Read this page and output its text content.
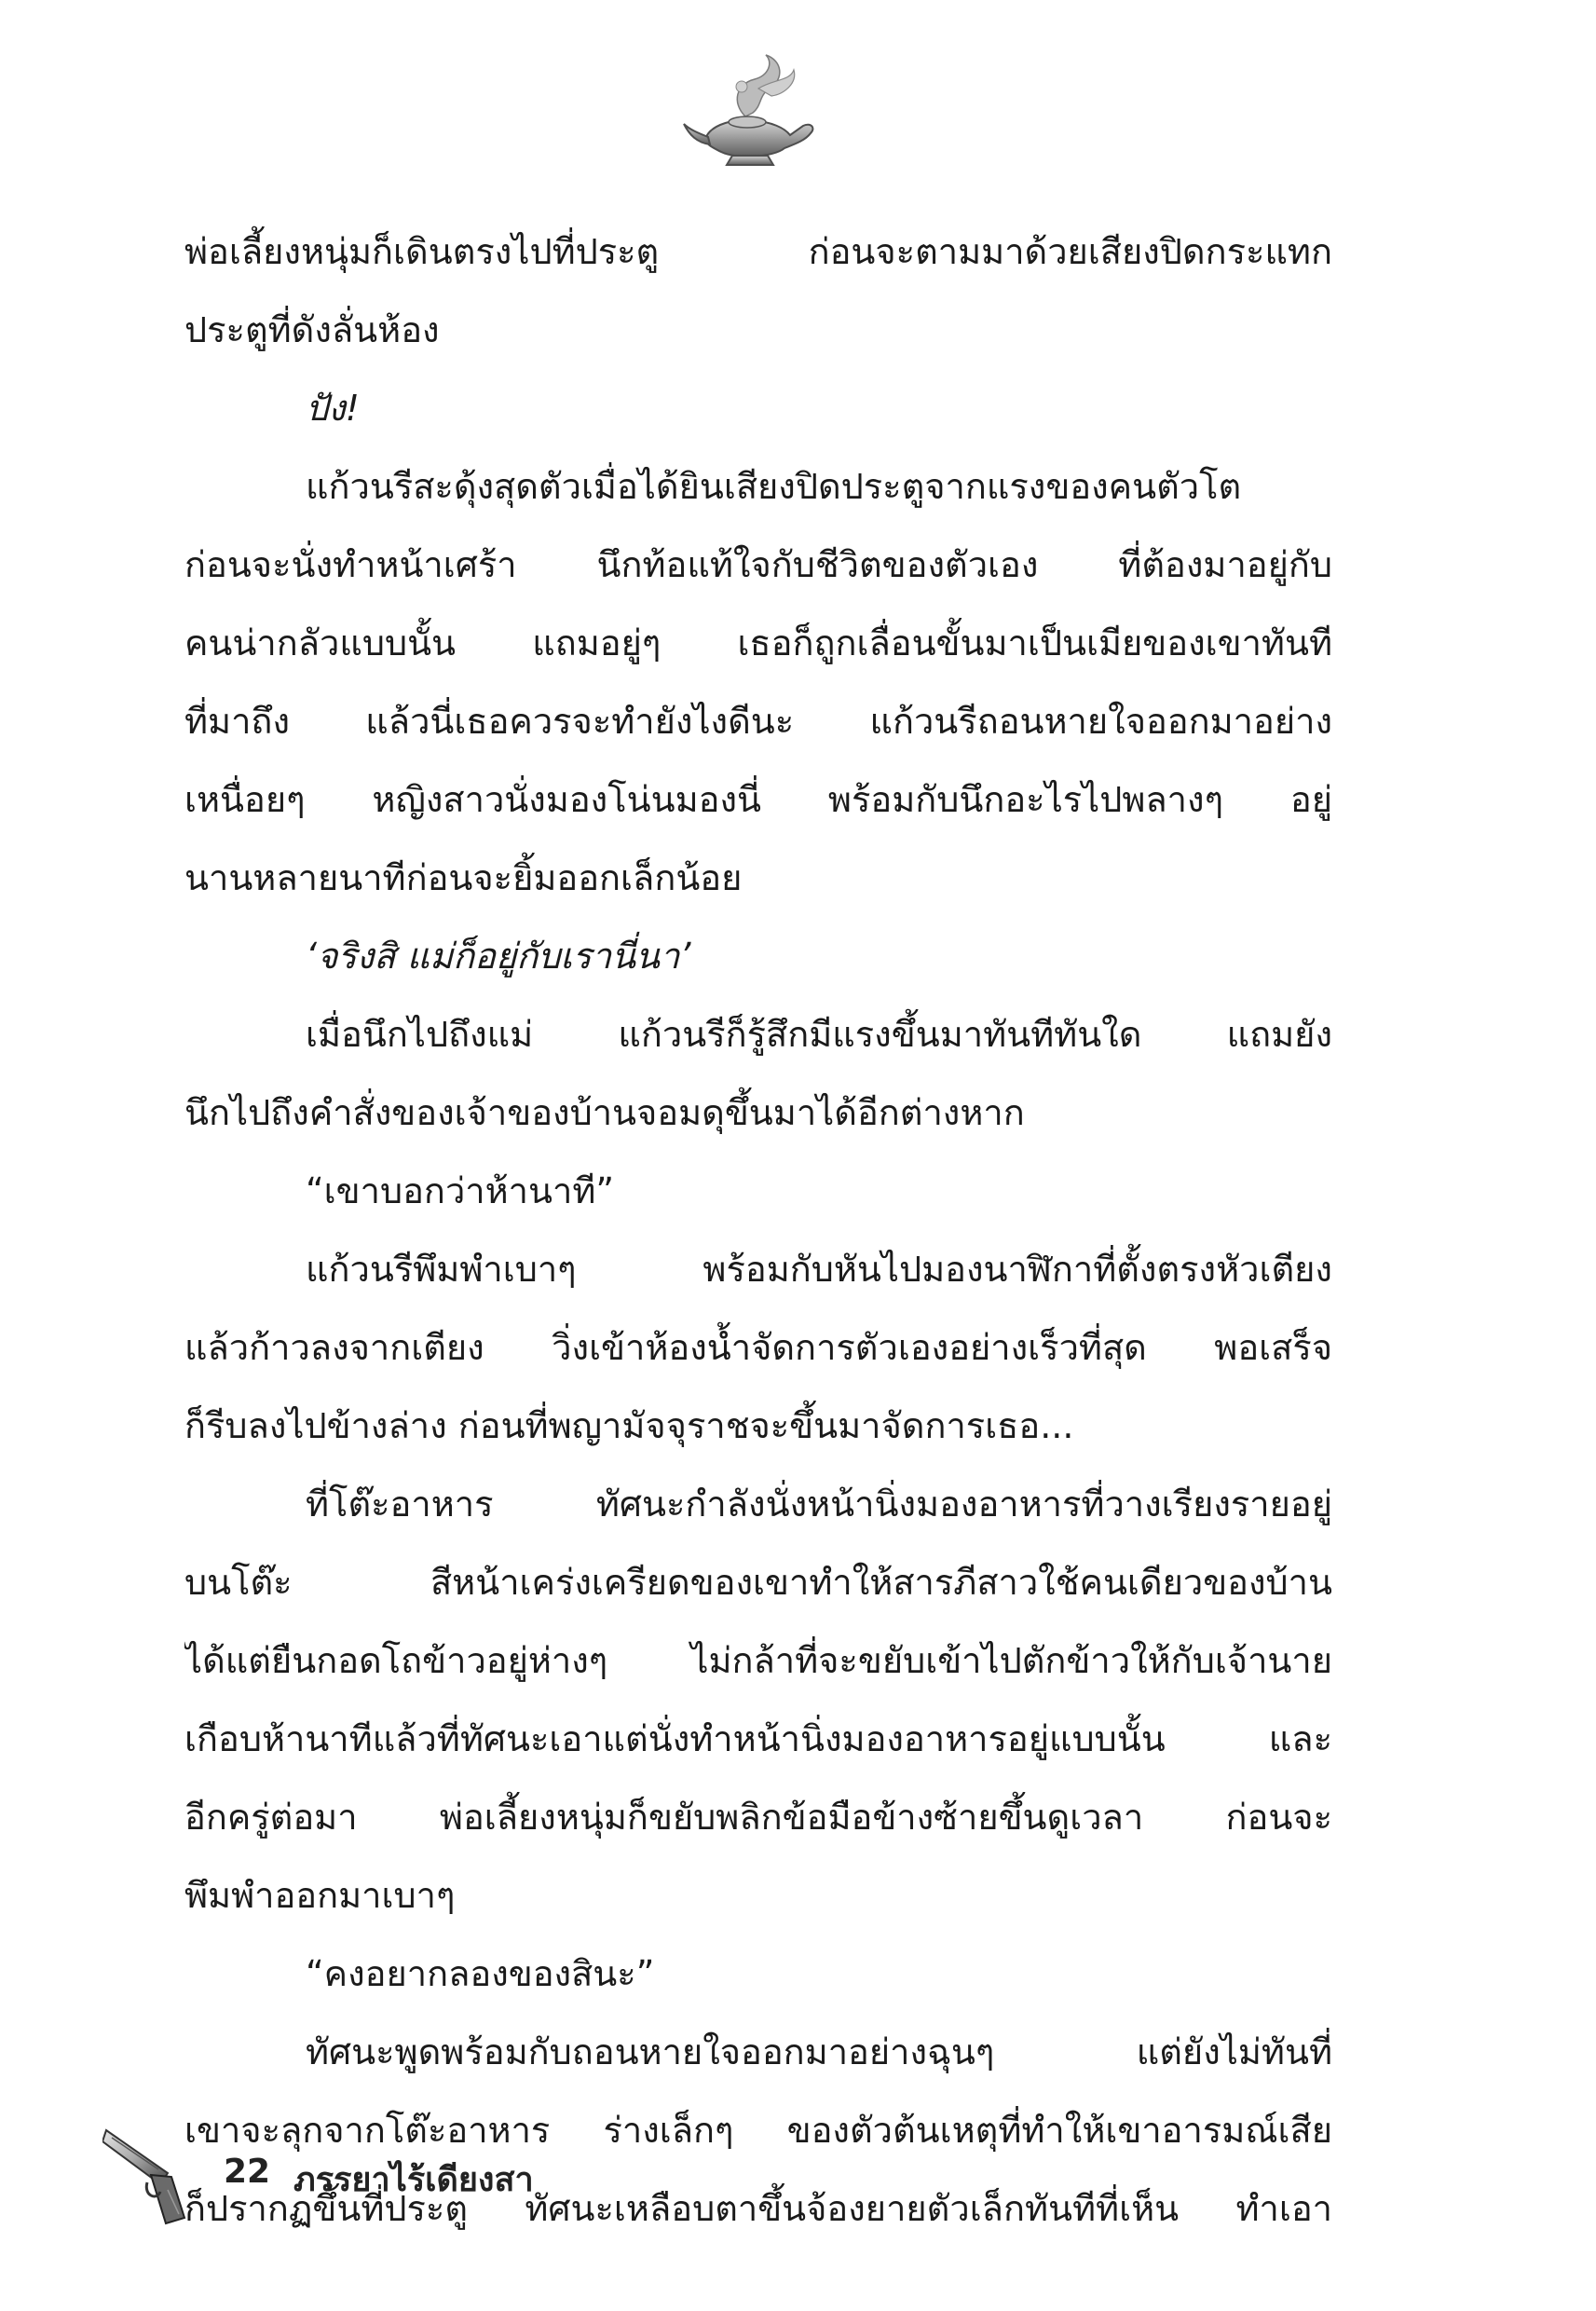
พ่อเลี้ยงหนุ่มก็เดินตรงไปที่ประตู ก่อนจะตามมาด้วยเสียงปิดกระแทก
ประตูที่ดังลั่นห้อง
ปัง!
แก้วนรีสะดุ้งสุดตัวเมื่อได้ยินเสียงปิดประตูจากแรงของคนตัวโต
ก่อนจะนั่งทำหน้าเศร้า นึกท้อแท้ใจกับชีวิตของตัวเอง ที่ต้องมาอยู่กับ
คนน่ากลัวแบบนั้น แถมอยู่ๆ เธอก็ถูกเลื่อนขั้นมาเป็นเมียของเขาทันที
ที่มาถึง แล้วนี่เธอควรจะทำยังไงดีนะ แก้วนรีถอนหายใจออกมาอย่าง
เหนื่อยๆ หญิงสาวนั่งมองโน่นมองนี่ พร้อมกับนึกอะไรไปพลางๆ อยู่
นานหลายนาทีก่อนจะยิ้มออกเล็กน้อย
‘จริงสิ แม่ก็อยู่กับเรานี่นา’
เมื่อนึกไปถึงแม่ แก้วนรีก็รู้สึกมีแรงขึ้นมาทันทีทันใด แถมยัง
นึกไปถึงคำสั่งของเจ้าของบ้านจอมดุขึ้นมาได้อีกต่างหาก
“เขาบอกว่าห้านาที”
แก้วนรีพึมพำเบาๆ พร้อมกับหันไปมองนาฬิกาที่ตั้งตรงหัวเตียง
แล้วก้าวลงจากเตียง วิ่งเข้าห้องน้ำจัดการตัวเองอย่างเร็วที่สุด พอเสร็จ
ก็รีบลงไปข้างล่าง ก่อนที่พญามัจจุราชจะขึ้นมาจัดการเธอ...
ที่โต๊ะอาหาร ทัศนะกำลังนั่งหน้านิ่งมองอาหารที่วางเรียงรายอยู่
บนโต๊ะ สีหน้าเคร่งเครียดของเขาทำให้สารภีสาวใช้คนเดียวของบ้าน
ได้แต่ยืนกอดโถข้าวอยู่ห่างๆ ไม่กล้าที่จะขยับเข้าไปตักข้าวให้กับเจ้านาย
เกือบห้านาทีแล้วที่ทัศนะเอาแต่นั่งทำหน้านิ่งมองอาหารอยู่แบบนั้น และ
อีกครู่ต่อมา พ่อเลี้ยงหนุ่มก็ขยับพลิกข้อมือข้างซ้ายขึ้นดูเวลา ก่อนจะ
พึมพำออกมาเบาๆ
“คงอยากลองของสินะ”
ทัศนะพูดพร้อมกับถอนหายใจออกมาอย่างฉุนๆ แต่ยังไม่ทันที่
เขาจะลุกจากโต๊ะอาหาร ร่างเล็กๆ ของตัวต้นเหตุที่ทำให้เขาอารมณ์เสีย
ก็ปรากฏขึ้นที่ประตู ทัศนะเหลือบตาขึ้นจ้องยายตัวเล็กทันทีที่เห็น ทำเอา
22 ภรรยาไร้เดียงสา
